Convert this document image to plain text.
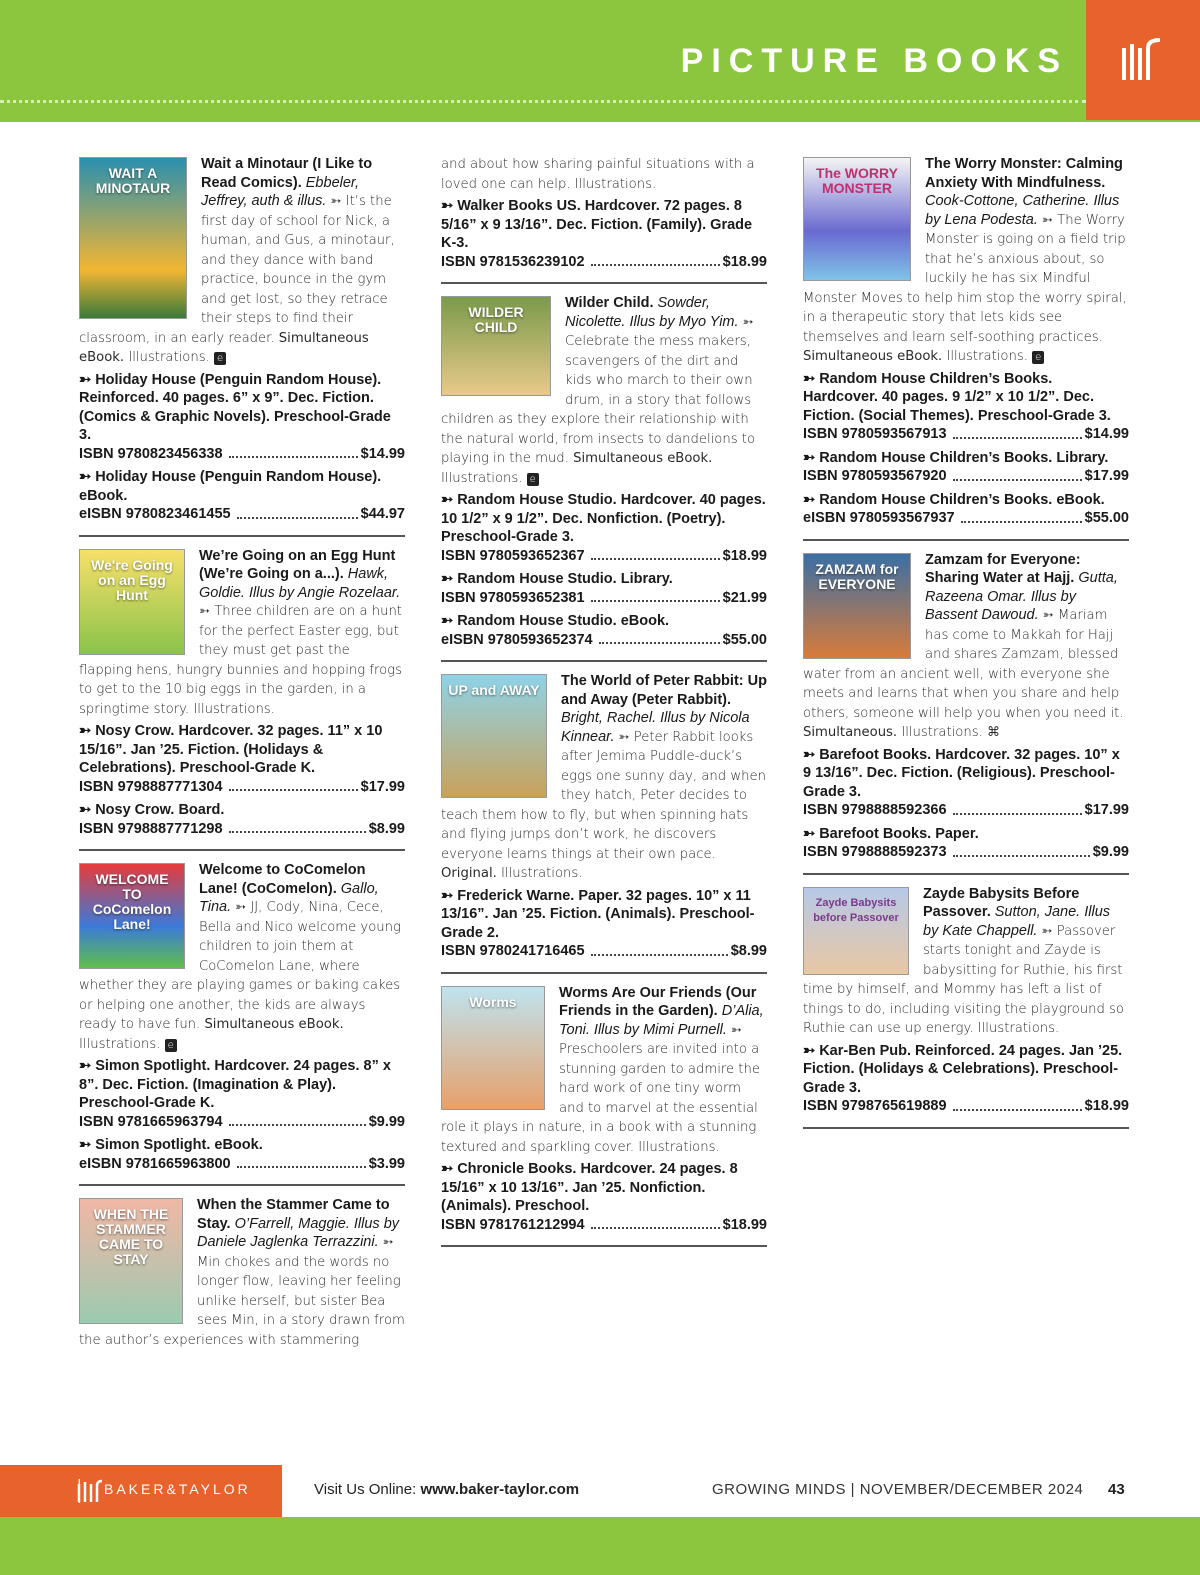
PICTURE BOOKS
WAIT A MINOTAUR
Wait a Minotaur (I Like to Read Comics). Ebbeler, Jeffrey, auth & illus. ➳ It’s the first day of school for Nick, a human, and Gus, a minotaur, and they dance with band practice, bounce in the gym and get lost, so they retrace their steps to find their classroom, in an early reader. Simultaneous eBook. Illustrations. e
➳ Holiday House (Penguin Random House). Reinforced. 40 pages. 6” x 9”. Dec. Fiction. (Comics & Graphic Novels). Preschool-Grade 3.
ISBN 9780823456338	$14.99
➳ Holiday House (Penguin Random House). eBook.
eISBN 9780823461455	$44.97
We're Going on an Egg Hunt
We’re Going on an Egg Hunt (We’re Going on a...). Hawk, Goldie. Illus by Angie Rozelaar. ➳ Three children are on a hunt for the perfect Easter egg, but they must get past the flapping hens, hungry bunnies and hopping frogs to get to the 10 big eggs in the garden, in a springtime story. Illustrations.
➳ Nosy Crow. Hardcover. 32 pages. 11” x 10 15/16”. Jan ’25. Fiction. (Holidays & Celebrations). Preschool-Grade K.
ISBN 9798887771304	$17.99
➳ Nosy Crow. Board.
ISBN 9798887771298	$8.99
WELCOME TO CoComelon Lane!
Welcome to CoComelon Lane! (CoComelon). Gallo, Tina. ➳ JJ, Cody, Nina, Cece, Bella and Nico welcome young children to join them at CoComelon Lane, where whether they are playing games or baking cakes or helping one another, the kids are always ready to have fun. Simultaneous eBook. Illustrations. e
➳ Simon Spotlight. Hardcover. 24 pages. 8” x 8”. Dec. Fiction. (Imagination & Play). Preschool-Grade K.
ISBN 9781665963794	$9.99
➳ Simon Spotlight. eBook.
eISBN 9781665963800	$3.99
WHEN THE STAMMER CAME TO STAY
When the Stammer Came to Stay. O’Farrell, Maggie. Illus by Daniele Jaglenka Terrazzini. ➳ Min chokes and the words no longer flow, leaving her feeling unlike herself, but sister Bea sees Min, in a story drawn from the author’s experiences with stammering
and about how sharing painful situations with a loved one can help. Illustrations.
➳ Walker Books US. Hardcover. 72 pages. 8 5/16” x 9 13/16”. Dec. Fiction. (Family). Grade K-3.
ISBN 9781536239102	$18.99
WILDER CHILD
Wilder Child. Sowder, Nicolette. Illus by Myo Yim. ➳ Celebrate the mess makers, scavengers of the dirt and kids who march to their own drum, in a story that follows children as they explore their relationship with the natural world, from insects to dandelions to playing in the mud. Simultaneous eBook. Illustrations. e
➳ Random House Studio. Hardcover. 40 pages. 10 1/2” x 9 1/2”. Dec. Nonfiction. (Poetry). Preschool-Grade 3.
ISBN 9780593652367	$18.99
➳ Random House Studio. Library.
ISBN 9780593652381	$21.99
➳ Random House Studio. eBook.
eISBN 9780593652374	$55.00
UP and AWAY
The World of Peter Rabbit: Up and Away (Peter Rabbit). Bright, Rachel. Illus by Nicola Kinnear. ➳ Peter Rabbit looks after Jemima Puddle-duck’s eggs one sunny day, and when they hatch, Peter decides to teach them how to fly, but when spinning hats and flying jumps don’t work, he discovers everyone learns things at their own pace. Original. Illustrations.
➳ Frederick Warne. Paper. 32 pages. 10” x 11 13/16”. Jan ’25. Fiction. (Animals). Preschool-Grade 2.
ISBN 9780241716465	$8.99
Worms
Worms Are Our Friends (Our Friends in the Garden). D’Alia, Toni. Illus by Mimi Purnell. ➳ Preschoolers are invited into a stunning garden to admire the hard work of one tiny worm and to marvel at the essential role it plays in nature, in a book with a stunning textured and sparkling cover. Illustrations.
➳ Chronicle Books. Hardcover. 24 pages. 8 15/16” x 10 13/16”. Jan ’25. Nonfiction. (Animals). Preschool.
ISBN 9781761212994	$18.99
The WORRY MONSTER
The Worry Monster: Calming Anxiety With Mindfulness. Cook-Cottone, Catherine. Illus by Lena Podesta. ➳ The Worry Monster is going on a field trip that he’s anxious about, so luckily he has six Mindful Monster Moves to help him stop the worry spiral, in a therapeutic story that lets kids see themselves and learn self-soothing practices. Simultaneous eBook. Illustrations. e
➳ Random House Children’s Books. Hardcover. 40 pages. 9 1/2” x 10 1/2”. Dec. Fiction. (Social Themes). Preschool-Grade 3.
ISBN 9780593567913	$14.99
➳ Random House Children’s Books. Library.
ISBN 9780593567920	$17.99
➳ Random House Children’s Books. eBook.
eISBN 9780593567937	$55.00
ZAMZAM for EVERYONE
Zamzam for Everyone: Sharing Water at Hajj. Gutta, Razeena Omar. Illus by Bassent Dawoud. ➳ Mariam has come to Makkah for Hajj and shares Zamzam, blessed water from an ancient well, with everyone she meets and learns that when you share and help others, someone will help you when you need it. Simultaneous. Illustrations. ⌘
➳ Barefoot Books. Hardcover. 32 pages. 10” x 9 13/16”. Dec. Fiction. (Religious). Preschool-Grade 3.
ISBN 9798888592366	$17.99
➳ Barefoot Books. Paper.
ISBN 9798888592373	$9.99
Zayde Babysits before Passover
Zayde Babysits Before Passover. Sutton, Jane. Illus by Kate Chappell. ➳ Passover starts tonight and Zayde is babysitting for Ruthie, his first time by himself, and Mommy has left a list of things to do, including visiting the playground so Ruthie can use up energy. Illustrations.
➳ Kar-Ben Pub. Reinforced. 24 pages. Jan ’25. Fiction. (Holidays & Celebrations). Preschool-Grade 3.
ISBN 9798765619889	$18.99
BAKER&TAYLOR	Visit Us Online: www.baker-taylor.com	GROWING MINDS | NOVEMBER/DECEMBER 2024 43
